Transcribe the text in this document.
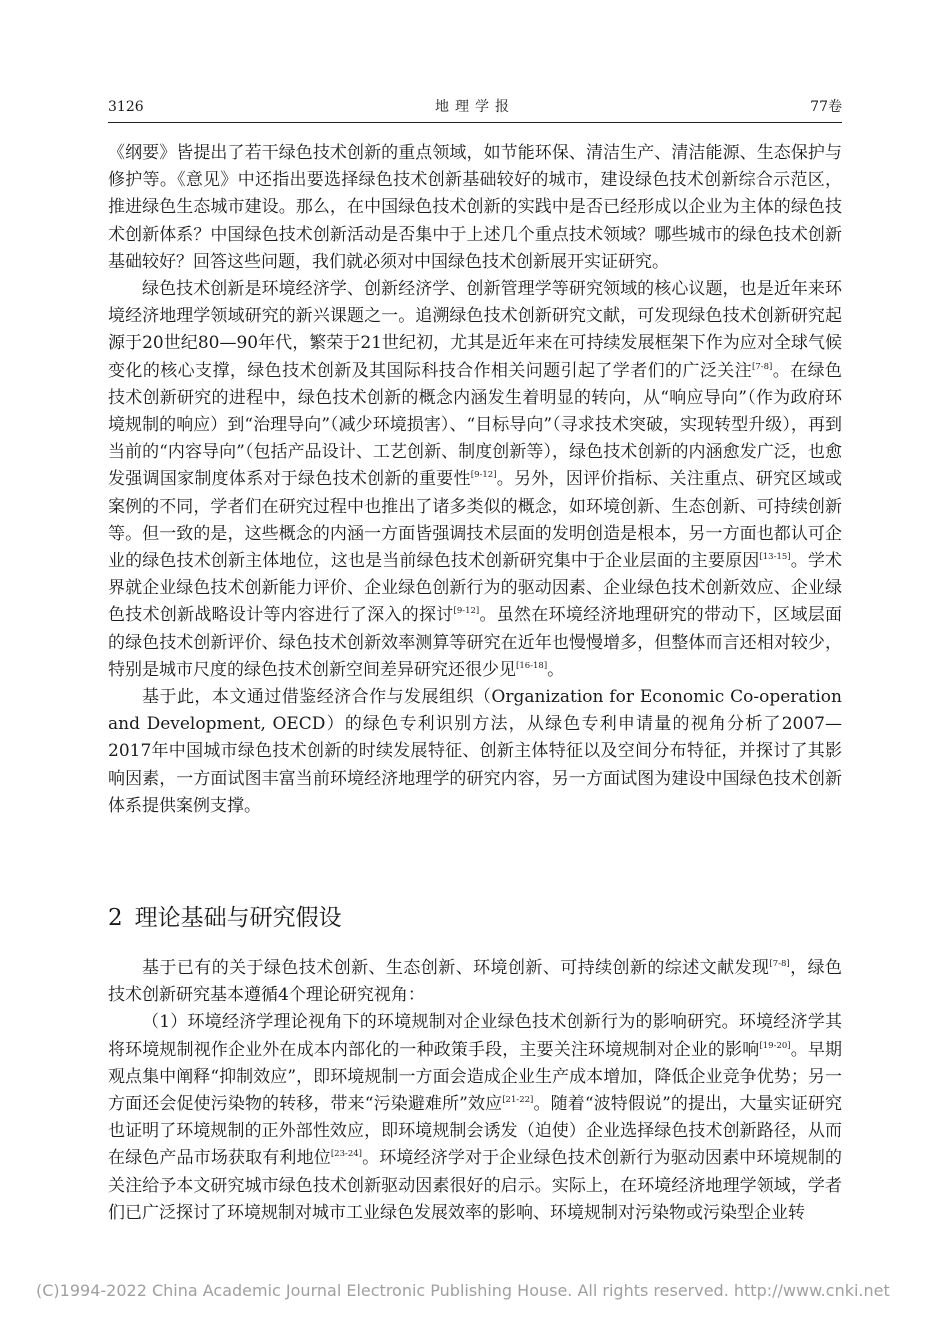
3126	地理学报	77卷

《纲要》皆提出了若干绿色技术创新的重点领域，如节能环保、清洁生产、清洁能源、生态保护与修护等。《意见》中还指出要选择绿色技术创新基础较好的城市，建设绿色技术创新综合示范区，推进绿色生态城市建设。那么，在中国绿色技术创新的实践中是否已经形成以企业为主体的绿色技术创新体系？中国绿色技术创新活动是否集中于上述几个重点技术领域？哪些城市的绿色技术创新基础较好？回答这些问题，我们就必须对中国绿色技术创新展开实证研究。

绿色技术创新是环境经济学、创新经济学、创新管理学等研究领域的核心议题，也是近年来环境经济地理学领域研究的新兴课题之一。追溯绿色技术创新研究文献，可发现绿色技术创新研究起源于20世纪80—90年代，繁荣于21世纪初，尤其是近年来在可持续发展框架下作为应对全球气候变化的核心支撑，绿色技术创新及其国际科技合作相关问题引起了学者们的广泛关注[7-8]。在绿色技术创新研究的进程中，绿色技术创新的概念内涵发生着明显的转向，从“响应导向”（作为政府环境规制的响应）到“治理导向”（减少环境损害）、“目标导向”（寻求技术突破，实现转型升级），再到当前的“内容导向”（包括产品设计、工艺创新、制度创新等），绿色技术创新的内涵愈发广泛，也愈发强调国家制度体系对于绿色技术创新的重要性[9-12]。另外，因评价指标、关注重点、研究区域或案例的不同，学者们在研究过程中也推出了诸多类似的概念，如环境创新、生态创新、可持续创新等。但一致的是，这些概念的内涵一方面皆强调技术层面的发明创造是根本，另一方面也都认可企业的绿色技术创新主体地位，这也是当前绿色技术创新研究集中于企业层面的主要原因[13-15]。学术界就企业绿色技术创新能力评价、企业绿色创新行为的驱动因素、企业绿色技术创新效应、企业绿色技术创新战略设计等内容进行了深入的探讨[9-12]。虽然在环境经济地理研究的带动下，区域层面的绿色技术创新评价、绿色技术创新效率测算等研究在近年也慢慢增多，但整体而言还相对较少，特别是城市尺度的绿色技术创新空间差异研究还很少见[16-18]。

基于此，本文通过借鉴经济合作与发展组织（Organization for Economic Co-operation and Development, OECD）的绿色专利识别方法，从绿色专利申请量的视角分析了2007—2017年中国城市绿色技术创新的时续发展特征、创新主体特征以及空间分布特征，并探讨了其影响因素，一方面试图丰富当前环境经济地理学的研究内容，另一方面试图为建设中国绿色技术创新体系提供案例支撑。

2 理论基础与研究假设

基于已有的关于绿色技术创新、生态创新、环境创新、可持续创新的综述文献发现[7-8]，绿色技术创新研究基本遵循4个理论研究视角：

（1）环境经济学理论视角下的环境规制对企业绿色技术创新行为的影响研究。环境经济学其将环境规制视作企业外在成本内部化的一种政策手段，主要关注环境规制对企业的影响[19-20]。早期观点集中阐释“抑制效应”，即环境规制一方面会造成企业生产成本增加，降低企业竞争优势；另一方面还会促使污染物的转移，带来“污染避难所”效应[21-22]。随着“波特假说”的提出，大量实证研究也证明了环境规制的正外部性效应，即环境规制会诱发（迫使）企业选择绿色技术创新路径，从而在绿色产品市场获取有利地位[23-24]。环境经济学对于企业绿色技术创新行为驱动因素中环境规制的关注给予本文研究城市绿色技术创新驱动因素很好的启示。实际上，在环境经济地理学领域，学者们已广泛探讨了环境规制对城市工业绿色发展效率的影响、环境规制对污染物或污染型企业转

(C)1994-2022 China Academic Journal Electronic Publishing House. All rights reserved. http://www.cnki.net
